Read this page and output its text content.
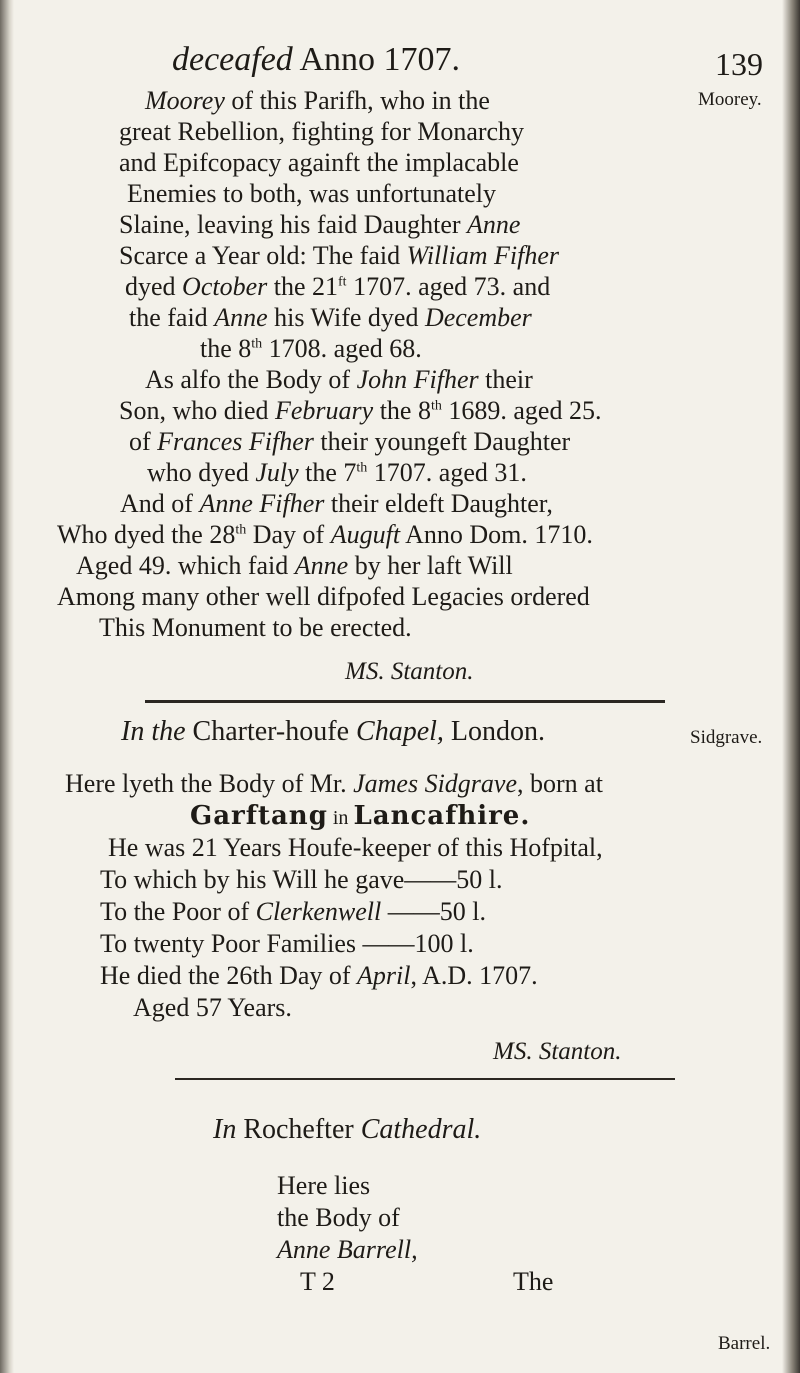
deceafed Anno 1707.	139
Moorey.
Sidgrave.
Barrel.
Moorey of this Parifh, who in the
great Rebellion, fighting for Monarchy
and Epifcopacy againft the implacable
Enemies to both, was unfortunately
Slaine, leaving his faid Daughter Anne
Scarce a Year old: The faid William Fifher
dyed October the $21^{ft}$ 1707. aged 73. and
the faid Anne his Wife dyed December
the 8th 1708. aged 68.
As alfo the Body of John Fifher their
Son, who died February the 8th 1689. aged 25.
of Frances Fifher their youngeft Daughter
who dyed July the 7th 1707. aged 31.
And of Anne Fifher their eldeft Daughter,
Who dyed the 28th Day of Auguft Anno Dom. 1710.
Aged 49. which faid Anne by her laft Will
Among many other well difpofed Legacies ordered
This Monument to be erected.
MS. Stanton.
In the Charter-houfe Chapel, London.
Here lyeth the Body of Mr. James Sidgrave, born at
Garftang in Lancafhire.
He was 21 Years Houfe-keeper of this Hofpital,
To which by his Will he gave——50 l.
To the Poor of Clerkenwell ——50 l.
To twenty Poor Families ——100 l.
He died the 26th Day of April, A.D. 1707.
Aged 57 Years.
MS. Stanton.
In Rochefter Cathedral.
Here lies
the Body of
Anne Barrell,
T 2	The
